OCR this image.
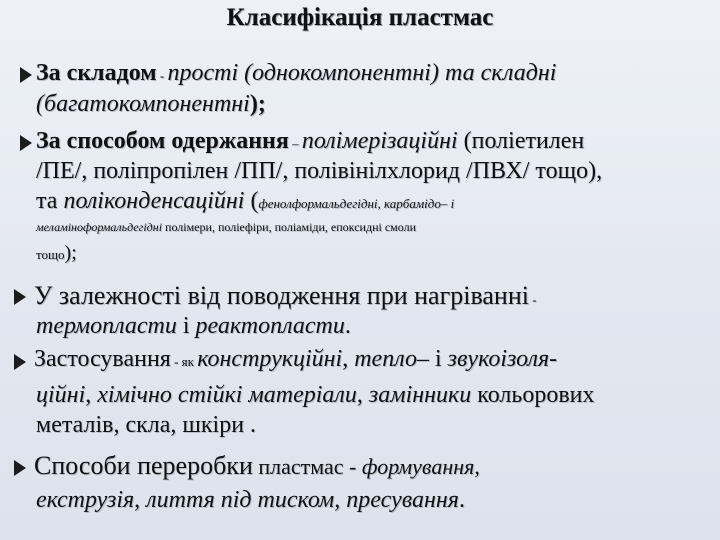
Класифікація пластмас
За складом - прості (однокомпонентні) та складні
(багатокомпонентні);
За способом одержання – полімерізаційні (поліетилен
/ПЕ/, поліпропілен /ПП/, полівінілхлорид /ПВХ/ тощо),
та поліконденсаційні (фенолформальдегідні, карбамідо– і
меламіноформальдегідні полімери, поліефіри, поліаміди, епоксидні смоли
тощо);
У залежності від поводження при нагріванні -
термопласти і реактопласти.
Застосування - як конструкційні, тепло– і звукоізоля-
ційні, хімічно стійкі матеріали, замінники кольорових
металів, скла, шкіри .
Способи переробки пластмас - формування,
екструзія, лиття під тиском, пресування.
